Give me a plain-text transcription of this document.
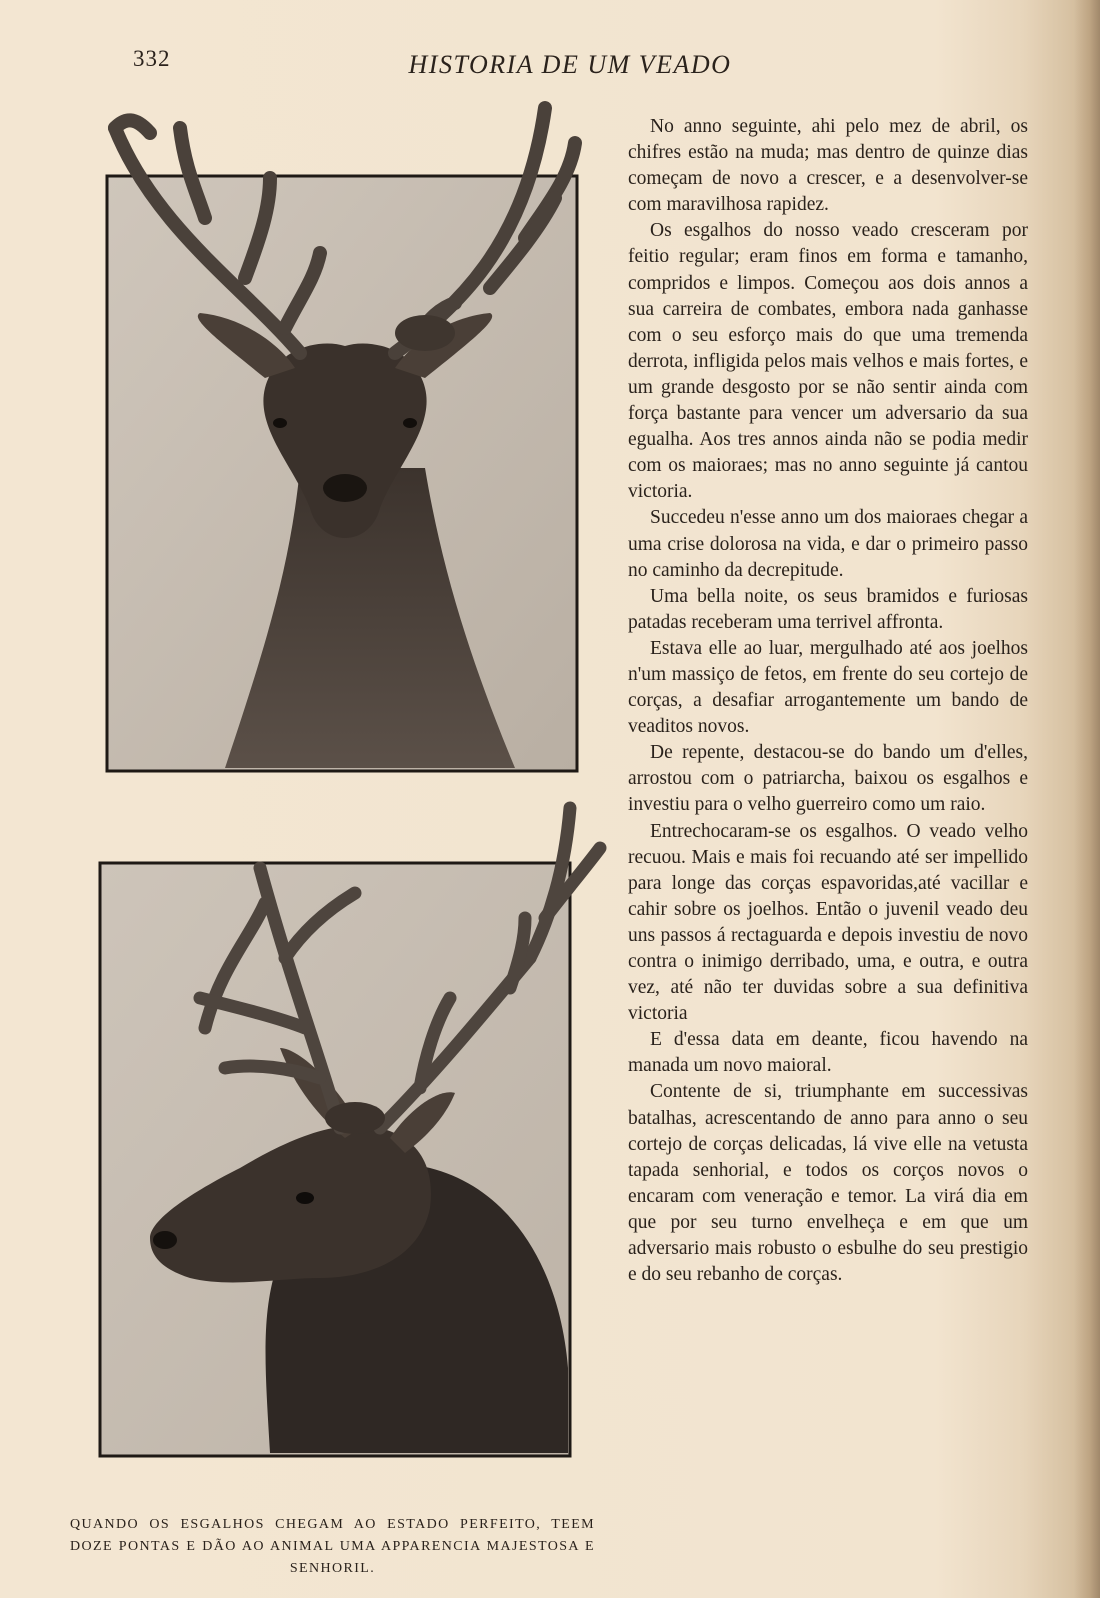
332	HISTORIA DE UM VEADO
QUANDO OS ESGALHOS CHEGAM AO ESTADO PERFEITO, TEEM DOZE PONTAS E DÃO AO ANIMAL UMA APPARENCIA MAJESTOSA E SENHORIL.

No anno seguinte, ahi pelo mez de abril, os chifres estão na muda; mas dentro de quinze dias começam de novo a crescer, e a desenvolver-se com maravilhosa rapidez.

Os esgalhos do nosso veado cresceram por feitio regular; eram finos em forma e tamanho, compridos e limpos. Começou aos dois annos a sua carreira de combates, embora nada ganhasse com o seu esforço mais do que uma tremenda derrota, infligida pelos mais velhos e mais fortes, e um grande desgosto por se não sentir ainda com força bastante para vencer um adversario da sua egualha. Aos tres annos ainda não se podia medir com os maioraes; mas no anno seguinte já cantou victoria.

Succedeu n'esse anno um dos maioraes chegar a uma crise dolorosa na vida, e dar o primeiro passo no caminho da decrepitude.

Uma bella noite, os seus bramidos e furiosas patadas receberam uma terrivel affronta.

Estava elle ao luar, mergulhado até aos joelhos n'um massiço de fetos, em frente do seu cortejo de corças, a desafiar arrogantemente um bando de veaditos novos.

De repente, destacou-se do bando um d'elles, arrostou com o patriarcha, baixou os esgalhos e investiu para o velho guerreiro como um raio.

Entrechocaram-se os esgalhos. O veado velho recuou. Mais e mais foi recuando até ser impellido para longe das corças espavoridas,até vacillar e cahir sobre os joelhos. Então o juvenil veado deu uns passos á rectaguarda e depois investiu de novo contra o inimigo derribado, uma, e outra, e outra vez, até não ter duvidas sobre a sua definitiva victoria

E d'essa data em deante, ficou havendo na manada um novo maioral.

Contente de si, triumphante em successivas batalhas, acrescentando de anno para anno o seu cortejo de corças delicadas, lá vive elle na vetusta tapada senhorial, e todos os corços novos o encaram com veneração e temor. La virá dia em que por seu turno envelheça e em que um adversario mais robusto o esbulhe do seu prestigio e do seu rebanho de corças.
